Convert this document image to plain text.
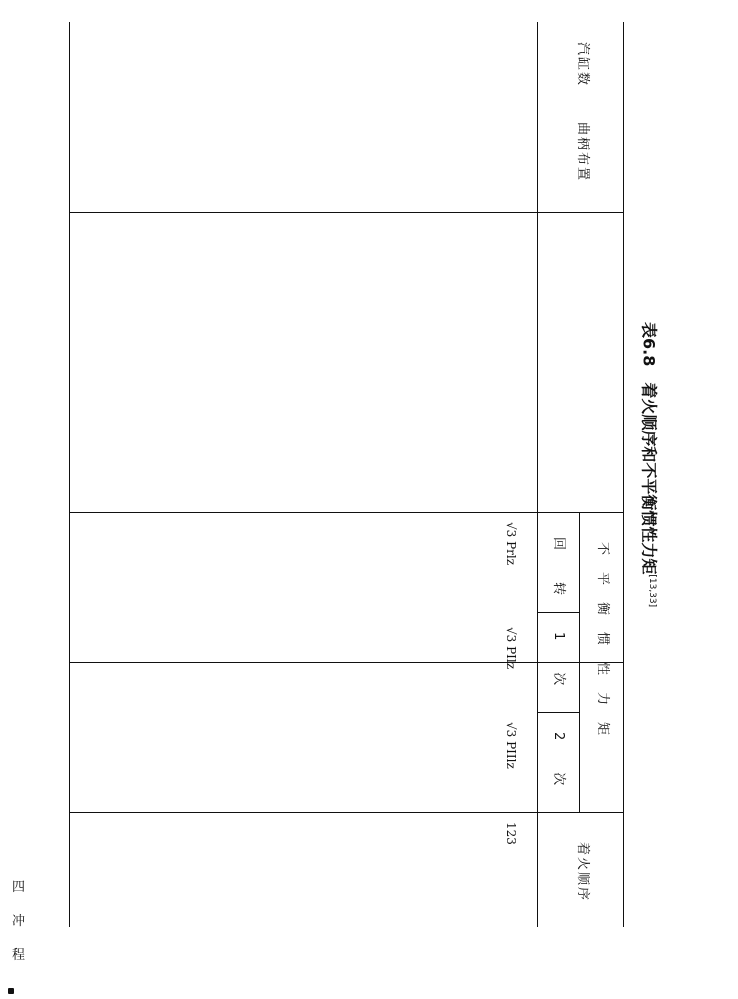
表6.8　着火顺序和不平衡惯性力矩[13,33]
汽缸数
曲柄布置
不　平　衡　惯　性　力　矩
回　　转
1　　次
2　　次
着火顺序
√3 Prlz
√3 PIlz
√3 PIIlz
123
四
冲
程
